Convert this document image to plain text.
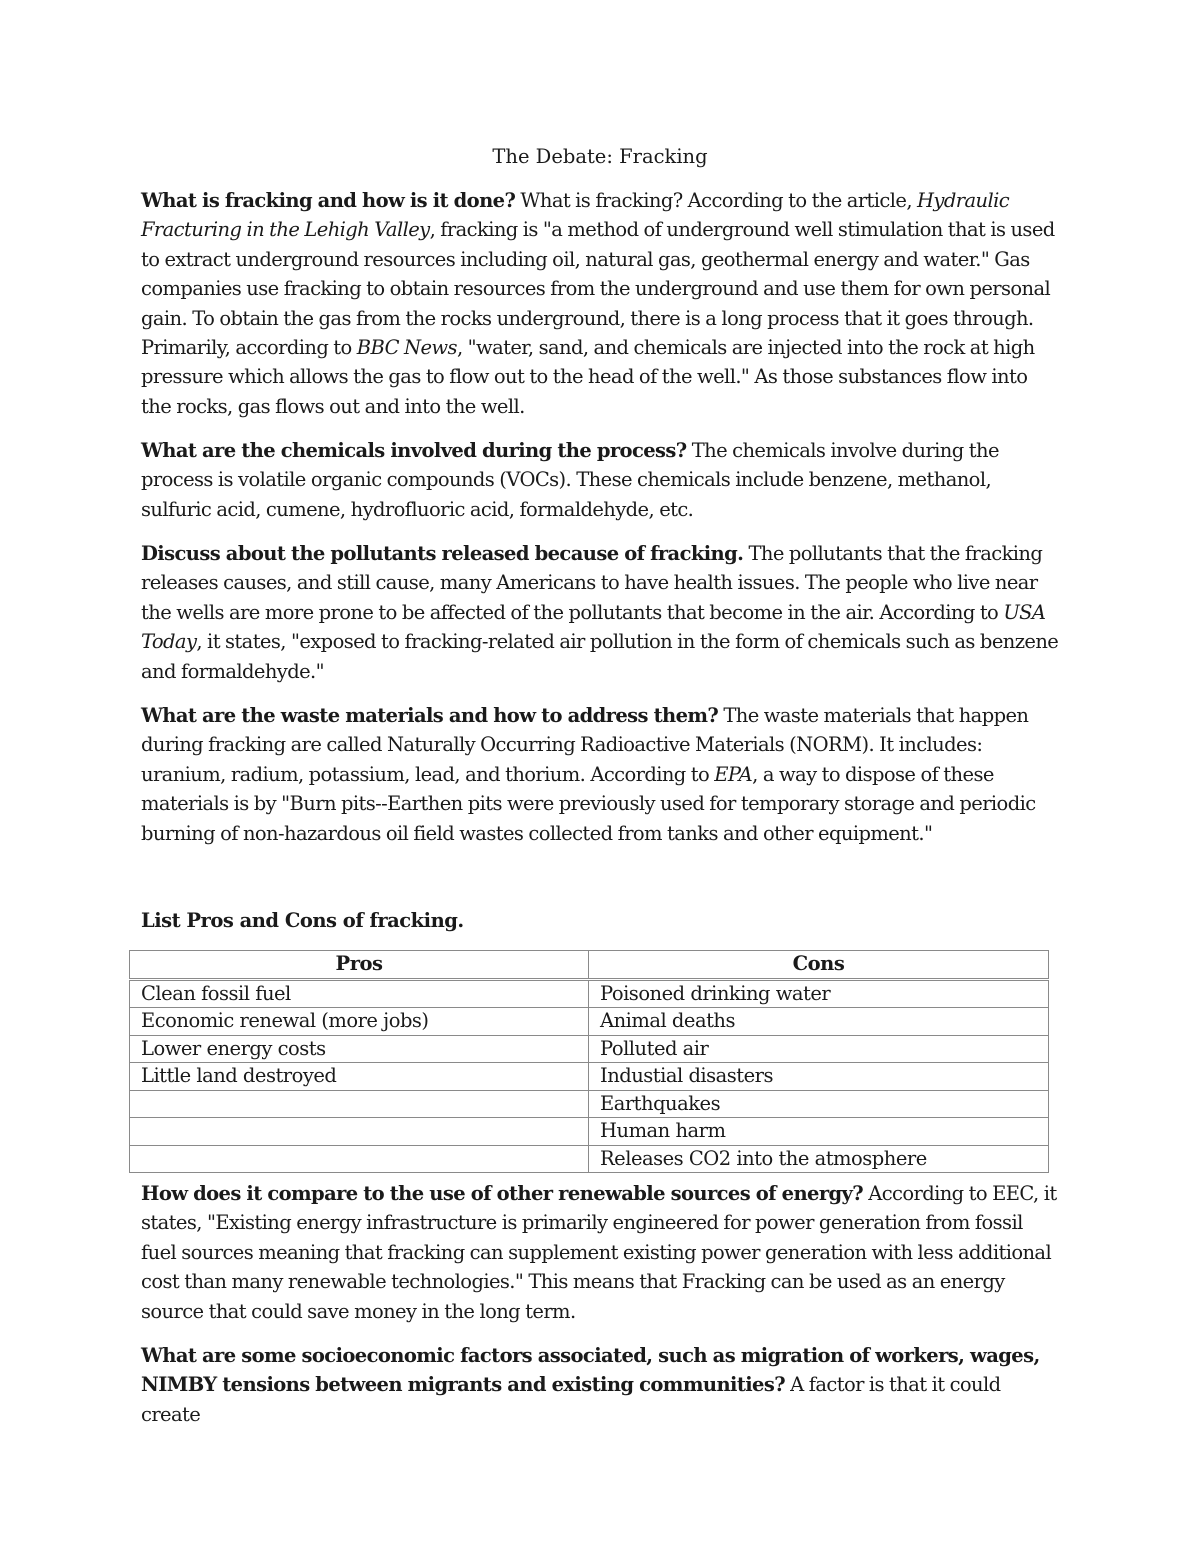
The Debate: Fracking

What is fracking and how is it done? What is fracking? According to the article, Hydraulic Fracturing in the Lehigh Valley, fracking is "a method of underground well stimulation that is used to extract underground resources including oil, natural gas, geothermal energy and water." Gas companies use fracking to obtain resources from the underground and use them for own personal gain. To obtain the gas from the rocks underground, there is a long process that it goes through. Primarily, according to BBC News, "water, sand, and chemicals are injected into the rock at high pressure which allows the gas to flow out to the head of the well." As those substances flow into the rocks, gas flows out and into the well.

What are the chemicals involved during the process? The chemicals involve during the process is volatile organic compounds (VOCs). These chemicals include benzene, methanol, sulfuric acid, cumene, hydrofluoric acid, formaldehyde, etc.

Discuss about the pollutants released because of fracking. The pollutants that the fracking releases causes, and still cause, many Americans to have health issues. The people who live near the wells are more prone to be affected of the pollutants that become in the air. According to USA Today, it states, "exposed to fracking-related air pollution in the form of chemicals such as benzene and formaldehyde."

What are the waste materials and how to address them? The waste materials that happen during fracking are called Naturally Occurring Radioactive Materials (NORM). It includes: uranium, radium, potassium, lead, and thorium. According to EPA, a way to dispose of these materials is by "Burn pits--Earthen pits were previously used for temporary storage and periodic burning of non-hazardous oil field wastes collected from tanks and other equipment."

List Pros and Cons of fracking.
Pros	Cons
Clean fossil fuel	Poisoned drinking water
Economic renewal (more jobs)	Animal deaths
Lower energy costs	Polluted air
Little land destroyed	Industial disasters
	Earthquakes
	Human harm
	Releases CO2 into the atmosphere

How does it compare to the use of other renewable sources of energy? According to EEC, it states, "Existing energy infrastructure is primarily engineered for power generation from fossil fuel sources meaning that fracking can supplement existing power generation with less additional cost than many renewable technologies." This means that Fracking can be used as an energy source that could save money in the long term.

What are some socioeconomic factors associated, such as migration of workers, wages, NIMBY tensions between migrants and existing communities? A factor is that it could create
